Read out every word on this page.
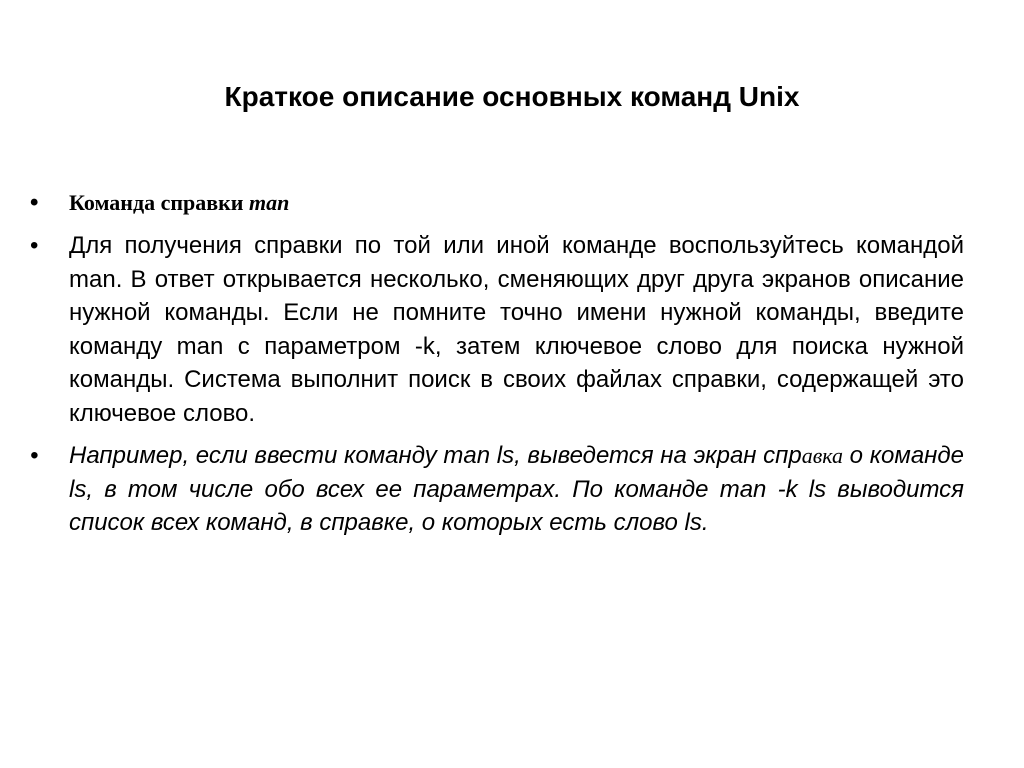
Краткое описание основных команд Unix
• Команда справки man
• Для получения справки по той или иной команде воспользуйтесь командой man. В ответ открывается несколько, сменяющих друг друга экранов описание нужной команды. Если не помните точно имени нужной команды, введите команду man с параметром -k, затем ключевое слово для поиска нужной команды. Система выполнит поиск в своих файлах справки, содержащей это ключевое слово.
• Например, если ввести команду man ls, выведется на экран справка о команде ls, в том числе обо всех ее параметрах. По команде man -k ls выводится список всех команд, в справке, о которых есть слово ls.
